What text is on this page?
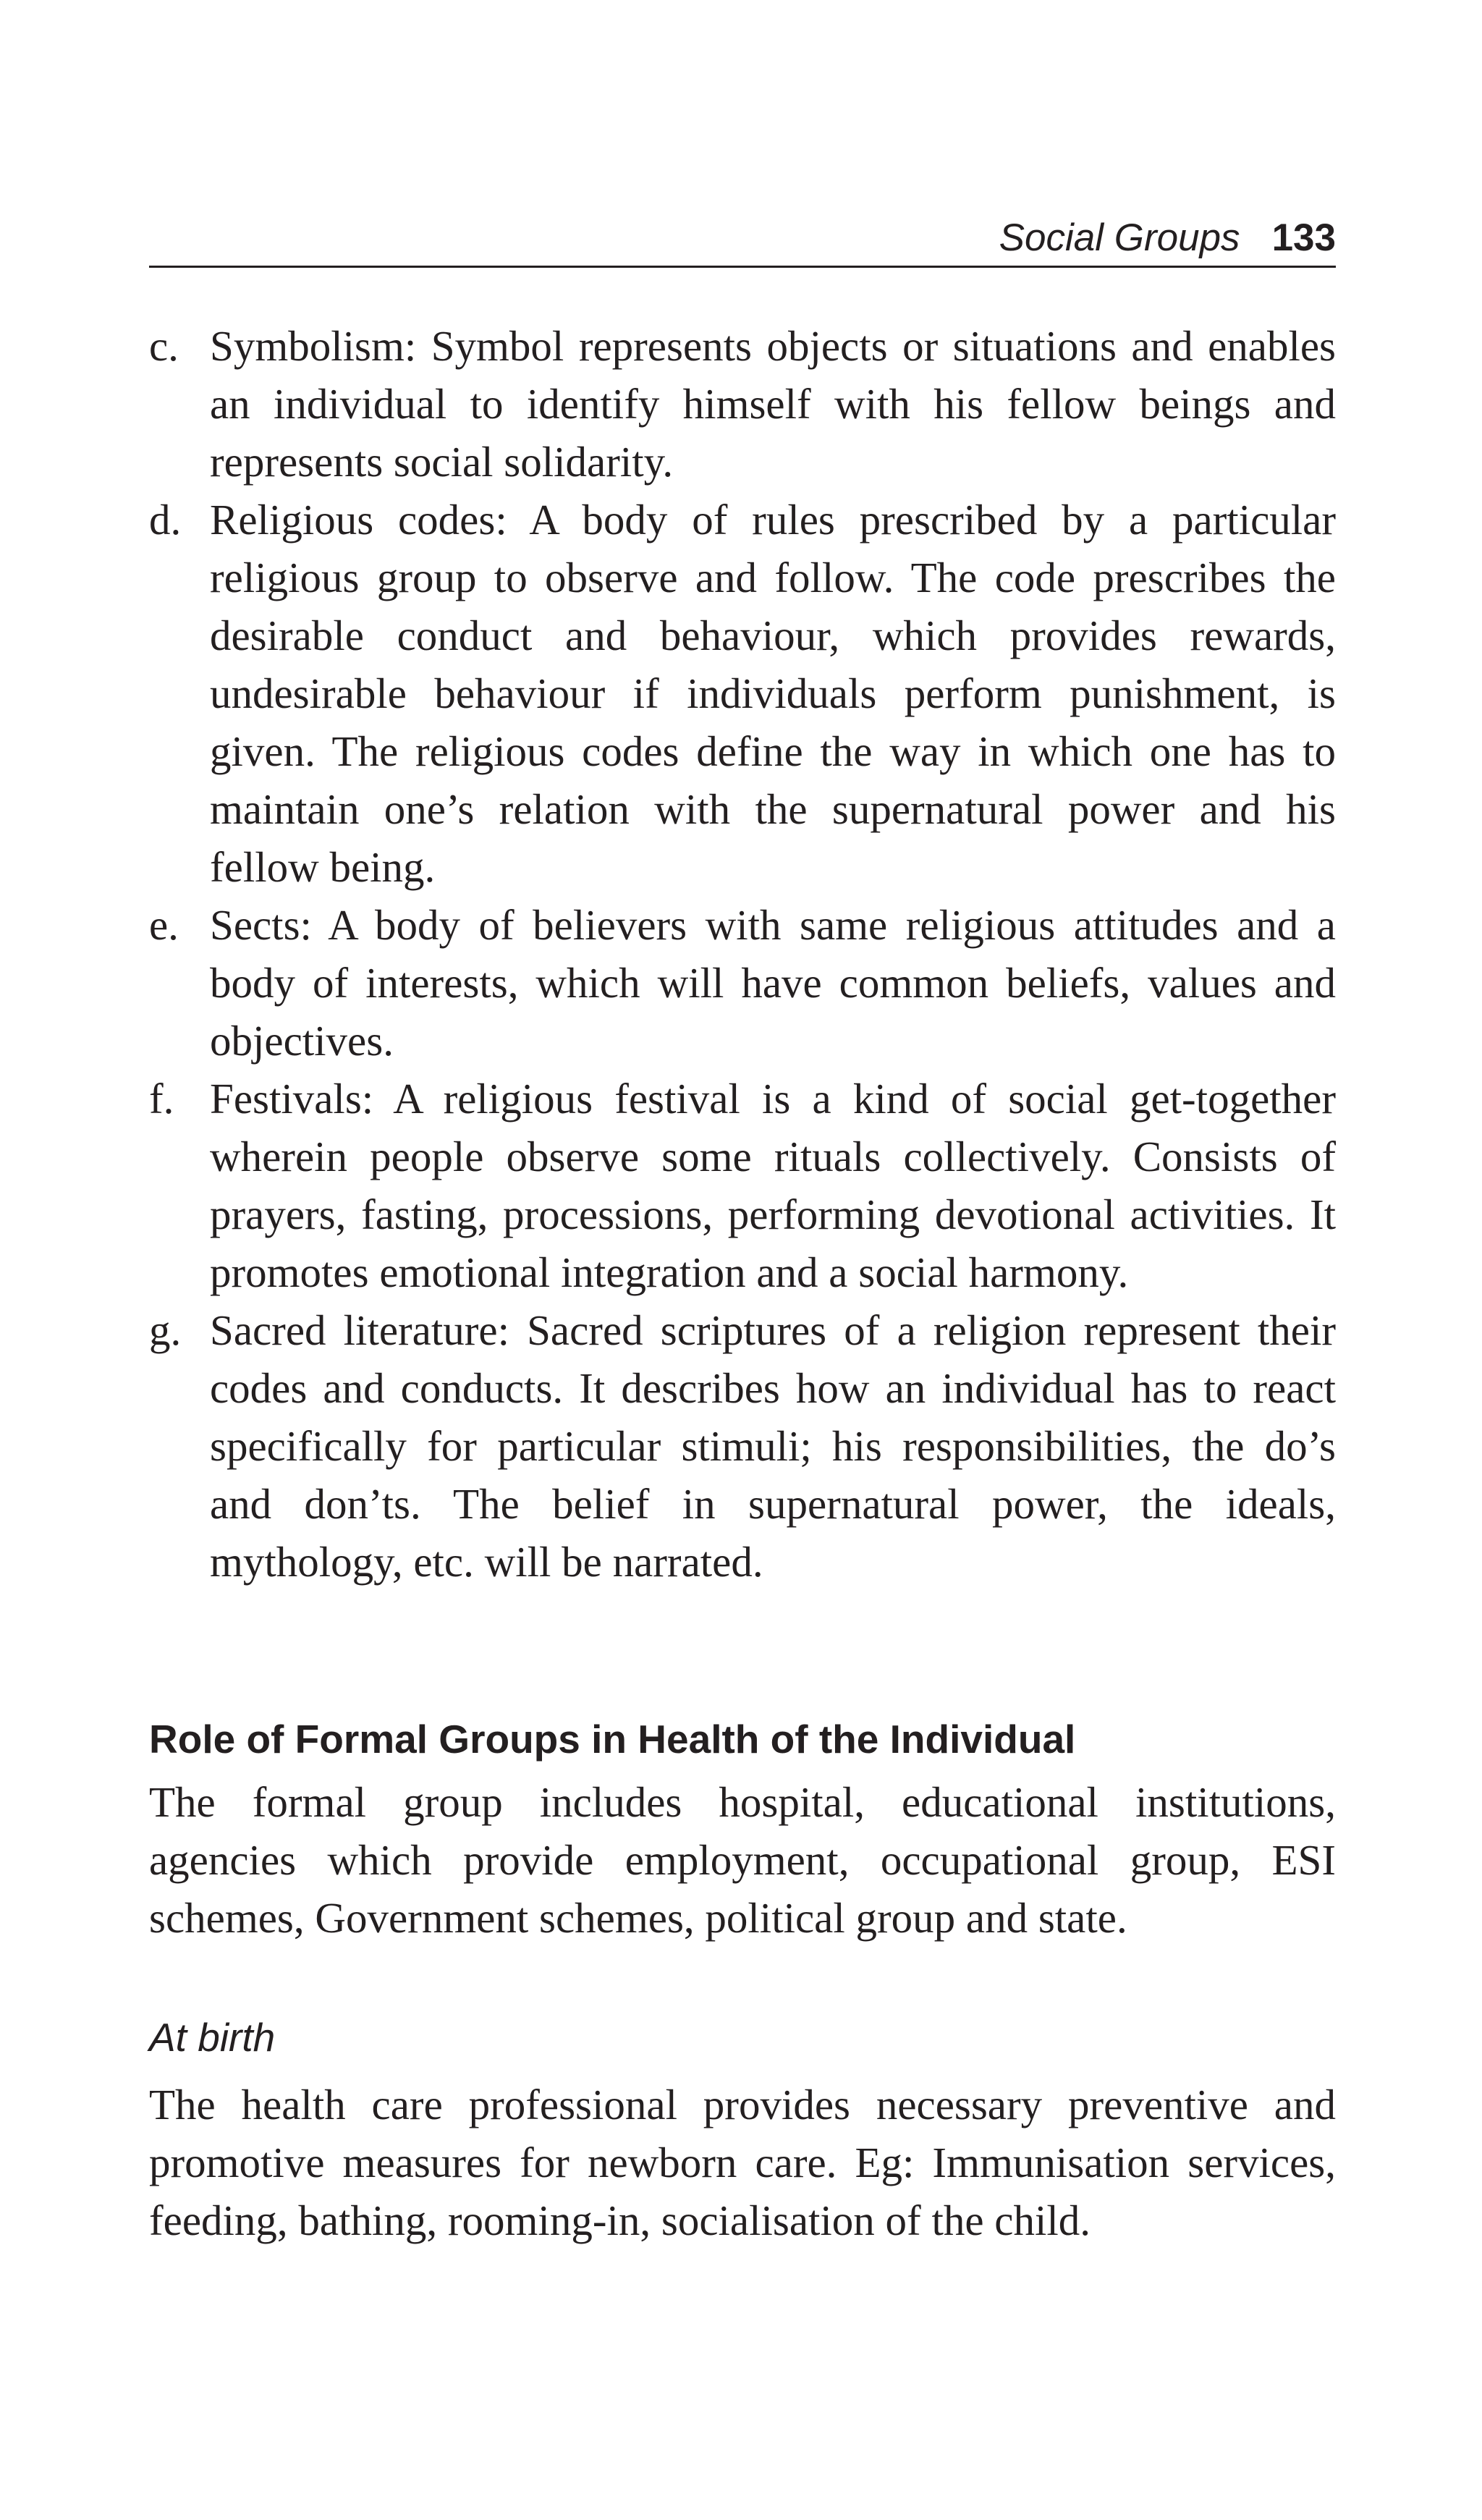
Social Groups 133
c. Symbolism: Symbol represents objects or situations and enables an individual to identify himself with his fellow beings and represents social solidarity.
d. Religious codes: A body of rules prescribed by a particular religious group to observe and follow. The code prescribes the desirable conduct and behaviour, which provides rewards, undesirable behaviour if individuals perform punishment, is given. The religious codes define the way in which one has to maintain one’s relation with the supernatural power and his fellow being.
e. Sects: A body of believers with same religious attitudes and a body of interests, which will have common beliefs, values and objectives.
f. Festivals: A religious festival is a kind of social get-together wherein people observe some rituals collectively. Consists of prayers, fasting, processions, performing devotional activities. It promotes emotional integration and a social harmony.
g. Sacred literature: Sacred scriptures of a religion represent their codes and conducts. It describes how an individual has to react specifically for particular stimuli; his responsibilities, the do’s and don’ts. The belief in supernatural power, the ideals, mythology, etc. will be narrated.
Role of Formal Groups in Health of the Individual
The formal group includes hospital, educational institutions, agencies which provide employment, occupational group, ESI schemes, Government schemes, political group and state.
At birth
The health care professional provides necessary preventive and promotive measures for newborn care. Eg: Immunisation services, feeding, bathing, rooming-in, socialisation of the child.
